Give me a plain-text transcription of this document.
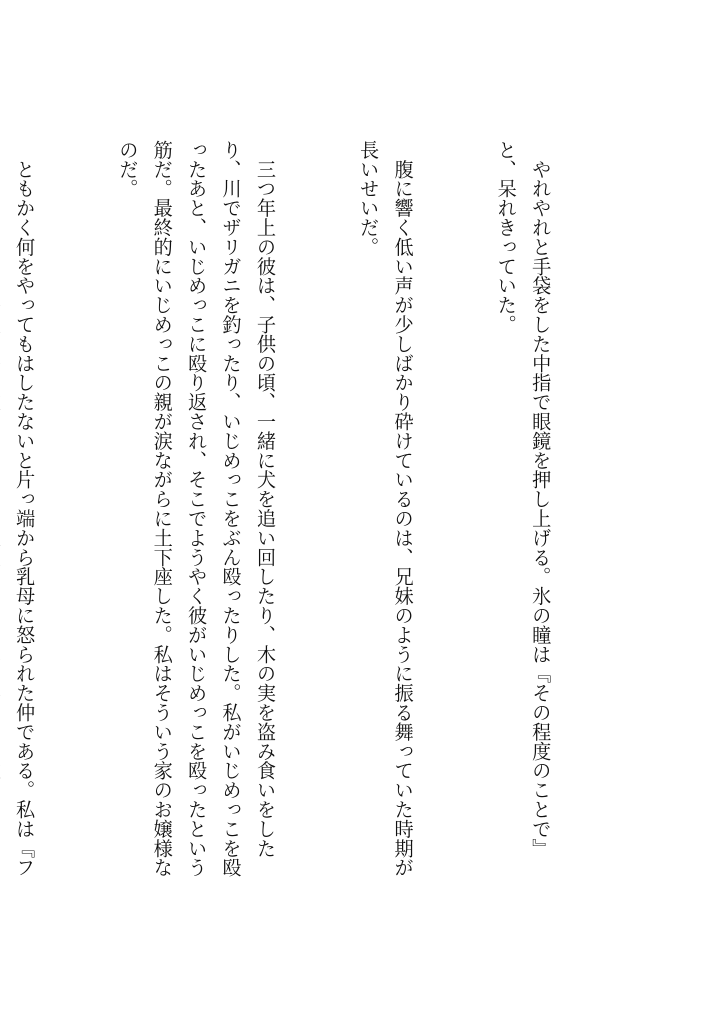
　やれやれと手袋をした中指で眼鏡を押し上げる。氷の瞳は『その程度のことで』と、呆れきっていた。

　腹に響く低い声が少しばかり砕けているのは、兄妹のように振る舞っていた時期が長いせいだ。

　三つ年上の彼は、子供の頃、一緒に犬を追い回したり、木の実を盗み食いをしたり、川でザリガニを釣ったり、いじめっこをぶん殴ったりした。私がいじめっこを殴ったあと、いじめっこに殴り返され、そこでようやく彼がいじめっこを殴ったという筋だ。最終的にいじめっこの親が涙ながらに土下座した。私はそういう家のお嬢様なのだ。

　ともかく何をやってもはしたないと片っ端から乳母に怒られた仲である。私は『フ
